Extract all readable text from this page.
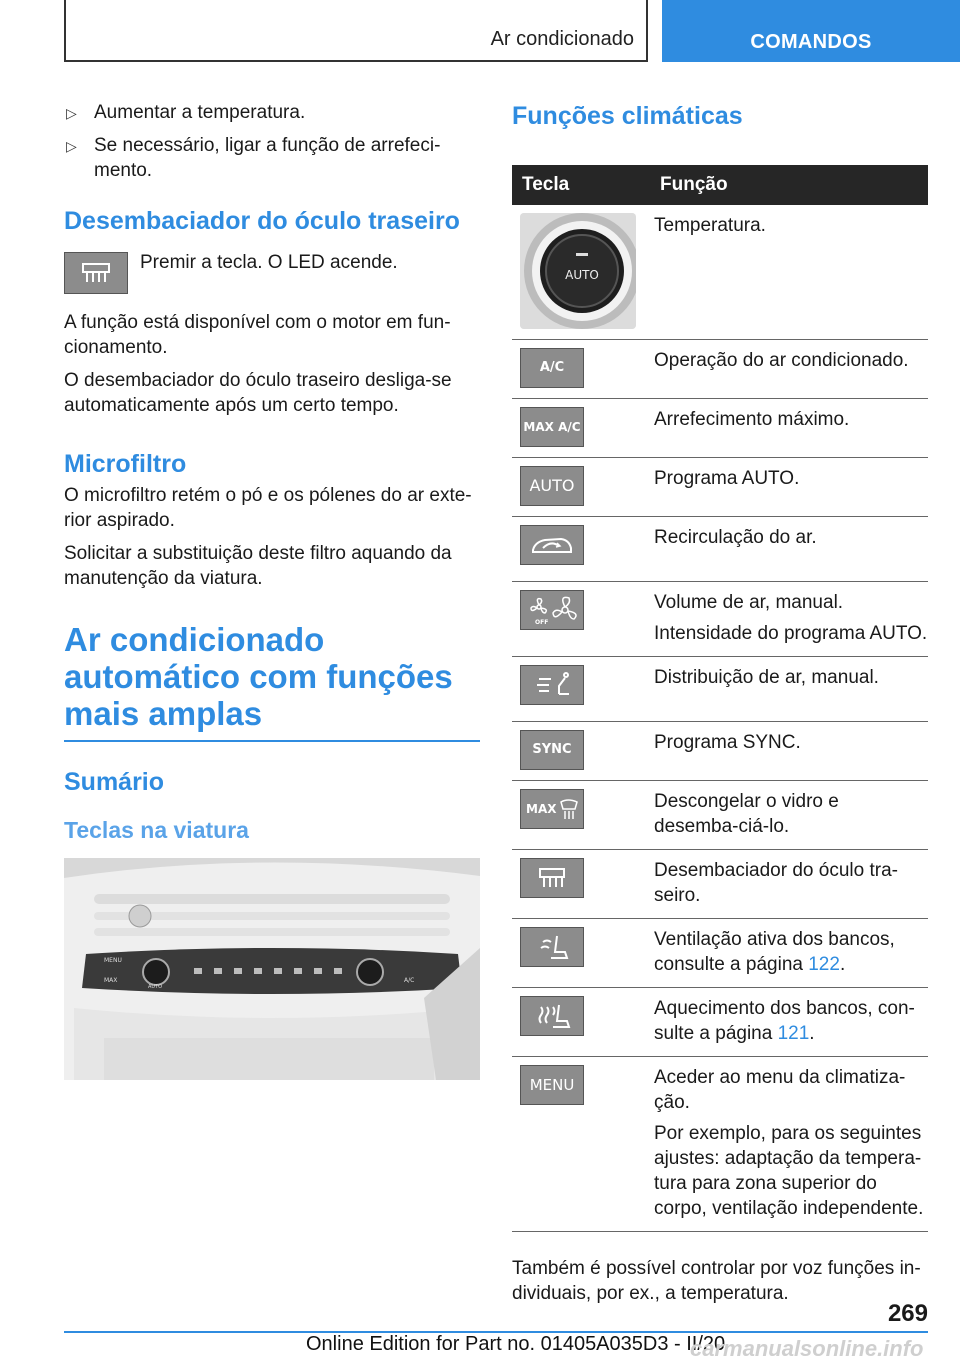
Ar condicionado	COMANDOS
▷ Aumentar a temperatura.
▷ Se necessário, ligar a função de arrefeci-
mento.
Desembaciador do óculo traseiro

Premir a tecla. O LED acende.

A função está disponível com o motor em fun-cionamento.

O desembaciador do óculo traseiro desliga-se automaticamente após um certo tempo.

Microfiltro

O microfiltro retém o pó e os pólenes do ar exte-rior aspirado.

Solicitar a substituição deste filtro aquando da manutenção da viatura.

Ar condicionado
automático com funções
mais amplas
Sumário
Teclas na viatura
MENU
MAX	A/C
AUTO
Funções climáticas
Tecla	Função

AUTO	Temperatura.

A/C	Operação do ar condicionado.

MAX A/C	Arrefecimento máximo.

AUTO	Programa AUTO.

Recirculação do ar.

OFF	Volume de ar, manual.

Intensidade do programa AUTO.

Distribuição de ar, manual.

SYNC	Programa SYNC.

MAX	Descongelar o vidro e desemba-ciá-lo.

Desembaciador do óculo tra-seiro.

Ventilação ativa dos bancos, consulte a página 122.

Aquecimento dos bancos, con-sulte a página 121.

MENU	Aceder ao menu da climatiza-ção.

Por exemplo, para os seguintes ajustes: adaptação da tempera-tura para zona superior do corpo, ventilação independente.

Também é possível controlar por voz funções in-dividuais, por ex., a temperatura.

269
Online Edition for Part no. 01405A035D3 - II/20
carmanualsonline.info
